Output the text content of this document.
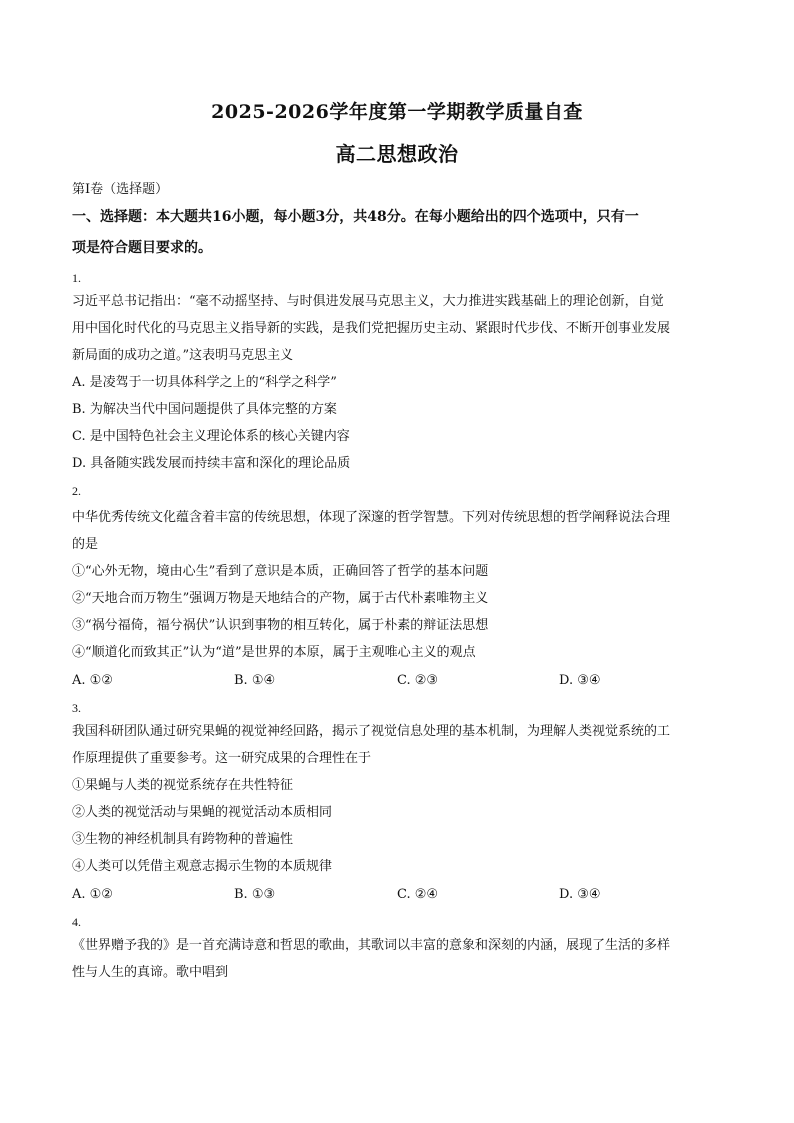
2025-2026学年度第一学期教学质量自查
高二思想政治
第Ⅰ卷（选择题）
一、选择题：本大题共16小题，每小题3分，共48分。在每小题给出的四个选项中，只有一
项是符合题目要求的。
1.
习近平总书记指出：“毫不动摇坚持、与时俱进发展马克思主义，大力推进实践基础上的理论创新，自觉
用中国化时代化的马克思主义指导新的实践，是我们党把握历史主动、紧跟时代步伐、不断开创事业发展
新局面的成功之道。”这表明马克思主义
A. 是凌驾于一切具体科学之上的“科学之科学”
B. 为解决当代中国问题提供了具体完整的方案
C. 是中国特色社会主义理论体系的核心关键内容
D. 具备随实践发展而持续丰富和深化的理论品质
2.
中华优秀传统文化蕴含着丰富的传统思想，体现了深邃的哲学智慧。下列对传统思想的哲学阐释说法合理
的是
①“心外无物，境由心生”看到了意识是本质，正确回答了哲学的基本问题
②“天地合而万物生”强调万物是天地结合的产物，属于古代朴素唯物主义
③“祸兮福倚，福兮祸伏”认识到事物的相互转化，属于朴素的辩证法思想
④“顺道化而致其正”认为“道”是世界的本原，属于主观唯心主义的观点
A. ①②	B. ①④	C. ②③	D. ③④
3.
我国科研团队通过研究果蝇的视觉神经回路，揭示了视觉信息处理的基本机制，为理解人类视觉系统的工
作原理提供了重要参考。这一研究成果的合理性在于
①果蝇与人类的视觉系统存在共性特征
②人类的视觉活动与果蝇的视觉活动本质相同
③生物的神经机制具有跨物种的普遍性
④人类可以凭借主观意志揭示生物的本质规律
A. ①②	B. ①③	C. ②④	D. ③④
4.
《世界赠予我的》是一首充满诗意和哲思的歌曲，其歌词以丰富的意象和深刻的内涵，展现了生活的多样
性与人生的真谛。歌中唱到
